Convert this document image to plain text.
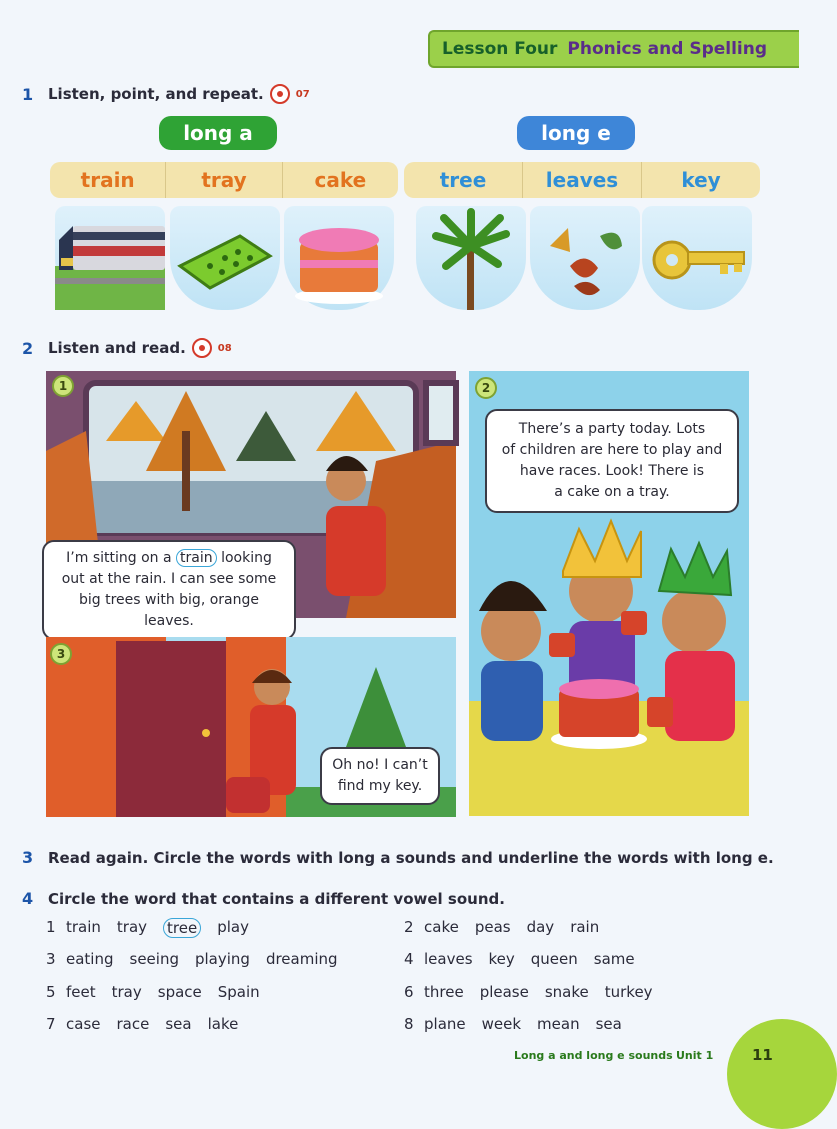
Lesson Four Phonics and Spelling
1 Listen, point, and repeat.	07
long a	long e
train	tray	cake	tree	leaves	key
2 Listen and read.	08
1
I’m sitting on a train looking
out at the rain. I can see some
big trees with big, orange leaves.
2
There’s a party today. Lots
of children are here to play and
have races. Look! There is
a cake on a tray.
3
Oh no! I can’t
find my key.
3 Read again. Circle the words with long a sounds and underline the words with long e.
4 Circle the word that contains a different vowel sound.
1 train tray tree play	2 cake peas day rain
3 eating seeing playing dreaming	4 leaves key queen same
5 feet tray space Spain	6 three please snake turkey
7 case race sea lake	8 plane week mean sea
Long a and long e sounds Unit 1	11
